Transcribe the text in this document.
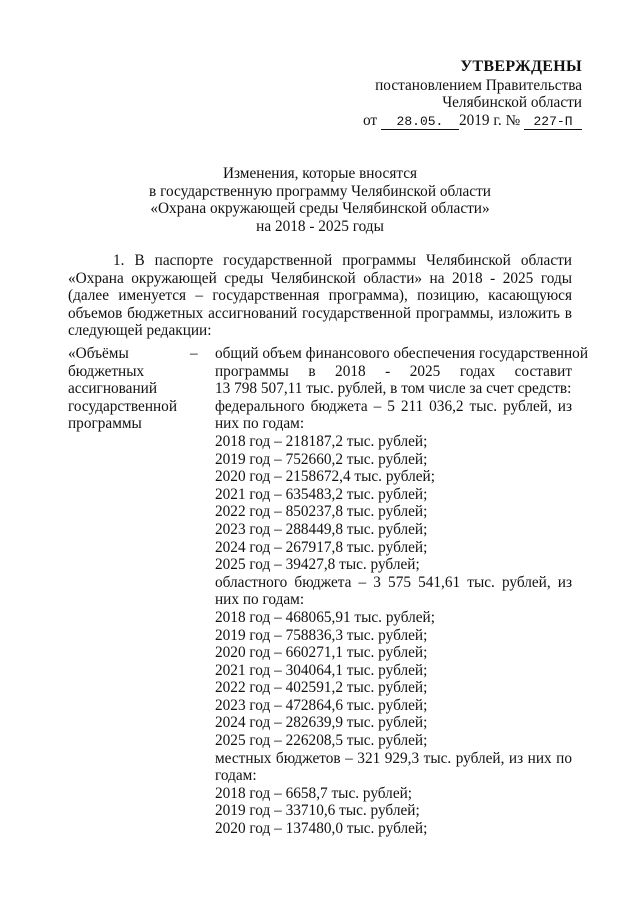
УТВЕРЖДЕНЫ
постановлением Правительства
Челябинской области
от 28.05. 2019 г. № 227-П
Изменения, которые вносятся
в государственную программу Челябинской области
«Охрана окружающей среды Челябинской области»
на 2018 - 2025 годы

1. В паспорте государственной программы Челябинской области «Охрана окружающей среды Челябинской области» на 2018 - 2025 годы (далее именуется – государственная программа), позицию, касающуюся объемов бюджетных ассигнований государственной программы, изложить в следующей редакции:

«Объёмы
бюджетных
ассигнований
государственной
программы
– общий объем финансового обеспечения государственной
программы в 2018 - 2025 годах составит
13 798 507,11 тыс. рублей, в том числе за счет средств:
федерального бюджета – 5 211 036,2 тыс. рублей, из них по годам:
2018 год – 218187,2 тыс. рублей;
2019 год – 752660,2 тыс. рублей;
2020 год – 2158672,4 тыс. рублей;
2021 год – 635483,2 тыс. рублей;
2022 год – 850237,8 тыс. рублей;
2023 год – 288449,8 тыс. рублей;
2024 год – 267917,8 тыс. рублей;
2025 год – 39427,8 тыс. рублей;
областного бюджета – 3 575 541,61 тыс. рублей, из них по годам:
2018 год – 468065,91 тыс. рублей;
2019 год – 758836,3 тыс. рублей;
2020 год – 660271,1 тыс. рублей;
2021 год – 304064,1 тыс. рублей;
2022 год – 402591,2 тыс. рублей;
2023 год – 472864,6 тыс. рублей;
2024 год – 282639,9 тыс. рублей;
2025 год – 226208,5 тыс. рублей;
местных бюджетов – 321 929,3 тыс. рублей, из них по годам:
2018 год – 6658,7 тыс. рублей;
2019 год – 33710,6 тыс. рублей;
2020 год – 137480,0 тыс. рублей;
